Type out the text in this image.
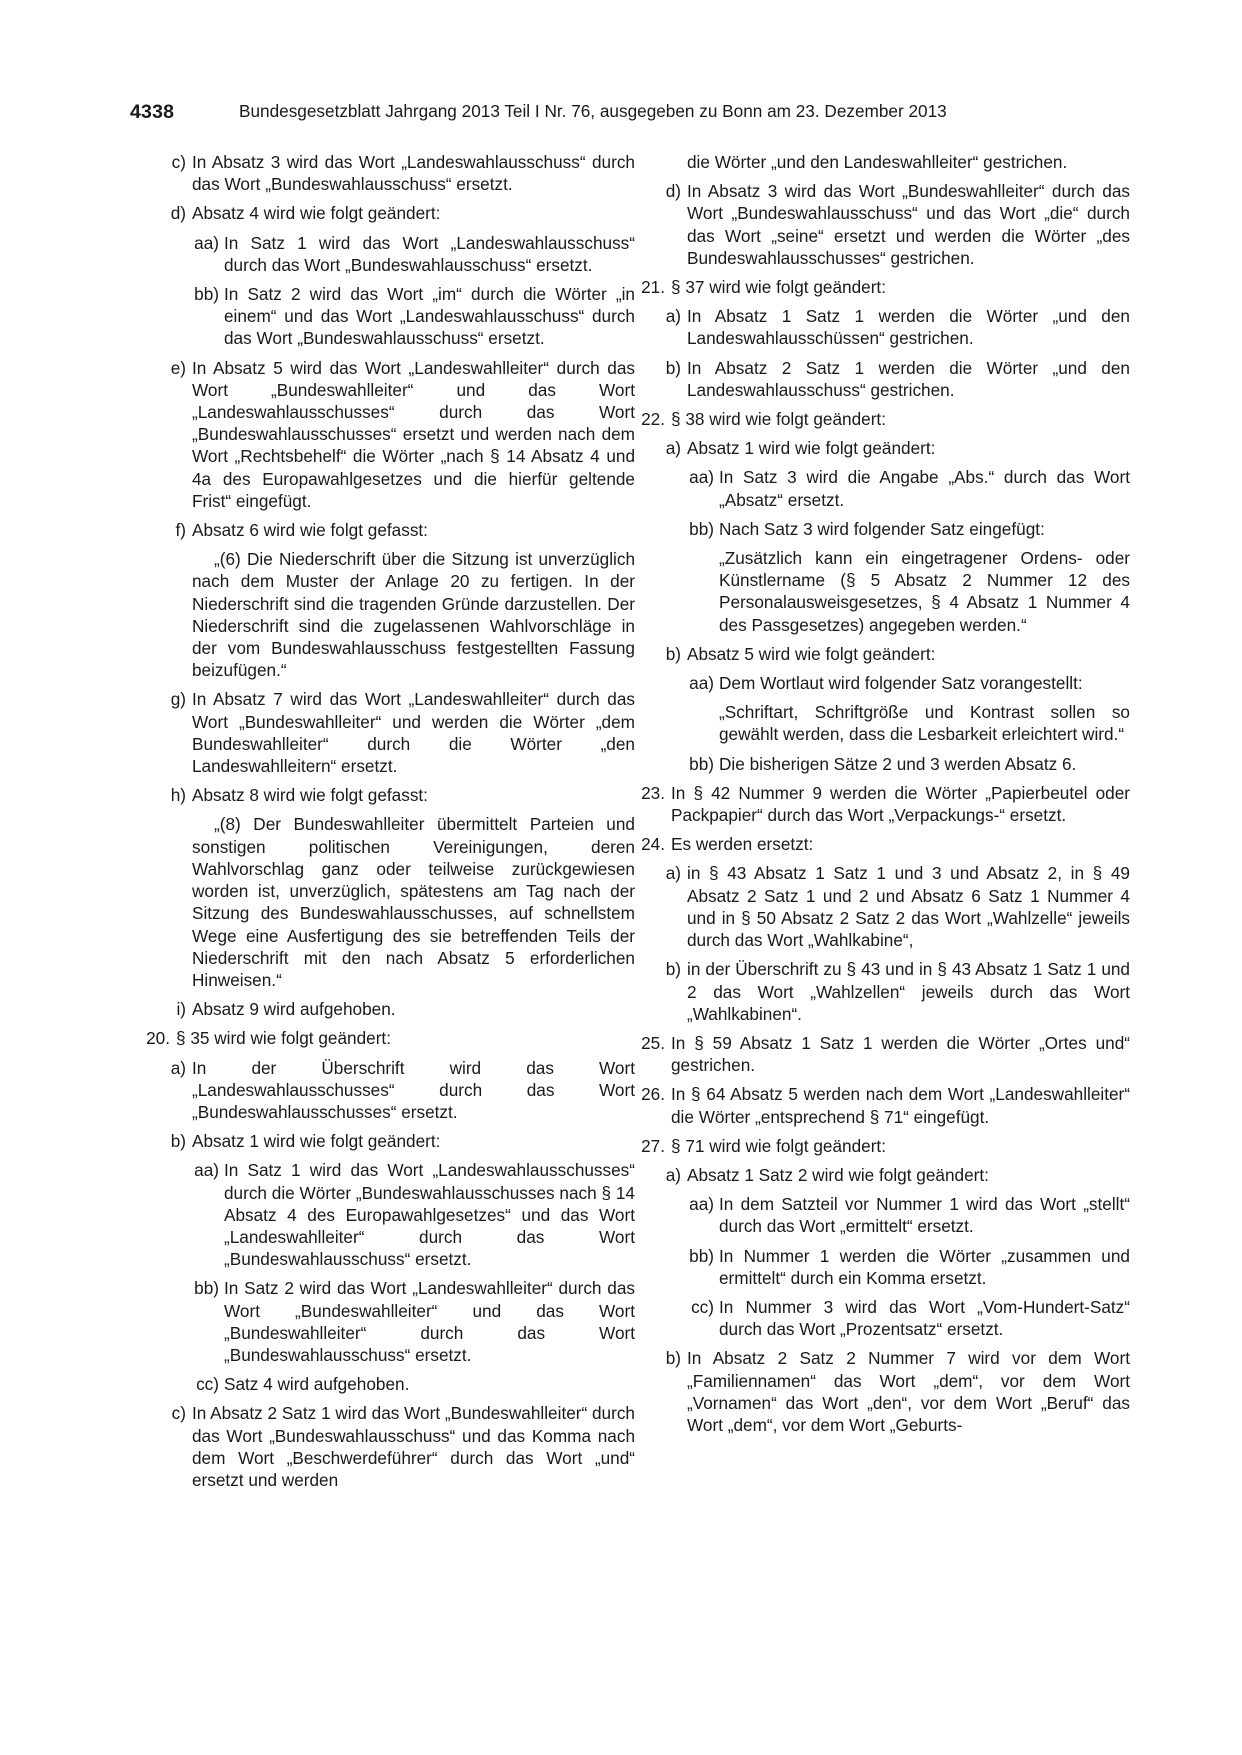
4338	Bundesgesetzblatt Jahrgang 2013 Teil I Nr. 76, ausgegeben zu Bonn am 23. Dezember 2013
c) In Absatz 3 wird das Wort „Landeswahlausschuss“ durch das Wort „Bundeswahlausschuss“ ersetzt.
d) Absatz 4 wird wie folgt geändert:
aa) In Satz 1 wird das Wort „Landeswahlausschuss“ durch das Wort „Bundeswahlausschuss“ ersetzt.
bb) In Satz 2 wird das Wort „im“ durch die Wörter „in einem“ und das Wort „Landeswahlausschuss“ durch das Wort „Bundeswahlausschuss“ ersetzt.
e) In Absatz 5 wird das Wort „Landeswahlleiter“ durch das Wort „Bundeswahlleiter“ und das Wort „Landeswahlausschusses“ durch das Wort „Bundeswahlausschusses“ ersetzt und werden nach dem Wort „Rechtsbehelf“ die Wörter „nach § 14 Absatz 4 und 4a des Europawahlgesetzes und die hierfür geltende Frist“ eingefügt.
f) Absatz 6 wird wie folgt gefasst:
„(6) Die Niederschrift über die Sitzung ist unverzüglich nach dem Muster der Anlage 20 zu fertigen. In der Niederschrift sind die tragenden Gründe darzustellen. Der Niederschrift sind die zugelassenen Wahlvorschläge in der vom Bundeswahlausschuss festgestellten Fassung beizufügen.“
g) In Absatz 7 wird das Wort „Landeswahlleiter“ durch das Wort „Bundeswahlleiter“ und werden die Wörter „dem Bundeswahlleiter“ durch die Wörter „den Landeswahlleitern“ ersetzt.
h) Absatz 8 wird wie folgt gefasst:
„(8) Der Bundeswahlleiter übermittelt Parteien und sonstigen politischen Vereinigungen, deren Wahlvorschlag ganz oder teilweise zurückgewiesen worden ist, unverzüglich, spätestens am Tag nach der Sitzung des Bundeswahlausschusses, auf schnellstem Wege eine Ausfertigung des sie betreffenden Teils der Niederschrift mit den nach Absatz 5 erforderlichen Hinweisen.“
i) Absatz 9 wird aufgehoben.
20. § 35 wird wie folgt geändert:
a) In der Überschrift wird das Wort „Landeswahlausschusses“ durch das Wort „Bundeswahlausschusses“ ersetzt.
b) Absatz 1 wird wie folgt geändert:
aa) In Satz 1 wird das Wort „Landeswahlausschusses“ durch die Wörter „Bundeswahlausschusses nach § 14 Absatz 4 des Europawahlgesetzes“ und das Wort „Landeswahlleiter“ durch das Wort „Bundeswahlausschuss“ ersetzt.
bb) In Satz 2 wird das Wort „Landeswahlleiter“ durch das Wort „Bundeswahlleiter“ und das Wort „Bundeswahlleiter“ durch das Wort „Bundeswahlausschuss“ ersetzt.
cc) Satz 4 wird aufgehoben.
c) In Absatz 2 Satz 1 wird das Wort „Bundeswahlleiter“ durch das Wort „Bundeswahlausschuss“ und das Komma nach dem Wort „Beschwerdeführer“ durch das Wort „und“ ersetzt und werden
die Wörter „und den Landeswahlleiter“ gestrichen.
d) In Absatz 3 wird das Wort „Bundeswahlleiter“ durch das Wort „Bundeswahlausschuss“ und das Wort „die“ durch das Wort „seine“ ersetzt und werden die Wörter „des Bundeswahlausschusses“ gestrichen.
21. § 37 wird wie folgt geändert:
a) In Absatz 1 Satz 1 werden die Wörter „und den Landeswahlausschüssen“ gestrichen.
b) In Absatz 2 Satz 1 werden die Wörter „und den Landeswahlausschuss“ gestrichen.
22. § 38 wird wie folgt geändert:
a) Absatz 1 wird wie folgt geändert:
aa) In Satz 3 wird die Angabe „Abs.“ durch das Wort „Absatz“ ersetzt.
bb) Nach Satz 3 wird folgender Satz eingefügt:
„Zusätzlich kann ein eingetragener Ordens- oder Künstlername (§ 5 Absatz 2 Nummer 12 des Personalausweisgesetzes, § 4 Absatz 1 Nummer 4 des Passgesetzes) angegeben werden.“
b) Absatz 5 wird wie folgt geändert:
aa) Dem Wortlaut wird folgender Satz vorangestellt:
„Schriftart, Schriftgröße und Kontrast sollen so gewählt werden, dass die Lesbarkeit erleichtert wird.“
bb) Die bisherigen Sätze 2 und 3 werden Absatz 6.
23. In § 42 Nummer 9 werden die Wörter „Papierbeutel oder Packpapier“ durch das Wort „Verpackungs-“ ersetzt.
24. Es werden ersetzt:
a) in § 43 Absatz 1 Satz 1 und 3 und Absatz 2, in § 49 Absatz 2 Satz 1 und 2 und Absatz 6 Satz 1 Nummer 4 und in § 50 Absatz 2 Satz 2 das Wort „Wahlzelle“ jeweils durch das Wort „Wahlkabine“,
b) in der Überschrift zu § 43 und in § 43 Absatz 1 Satz 1 und 2 das Wort „Wahlzellen“ jeweils durch das Wort „Wahlkabinen“.
25. In § 59 Absatz 1 Satz 1 werden die Wörter „Ortes und“ gestrichen.
26. In § 64 Absatz 5 werden nach dem Wort „Landeswahlleiter“ die Wörter „entsprechend § 71“ eingefügt.
27. § 71 wird wie folgt geändert:
a) Absatz 1 Satz 2 wird wie folgt geändert:
aa) In dem Satzteil vor Nummer 1 wird das Wort „stellt“ durch das Wort „ermittelt“ ersetzt.
bb) In Nummer 1 werden die Wörter „zusammen und ermittelt“ durch ein Komma ersetzt.
cc) In Nummer 3 wird das Wort „Vom-Hundert-Satz“ durch das Wort „Prozentsatz“ ersetzt.
b) In Absatz 2 Satz 2 Nummer 7 wird vor dem Wort „Familiennamen“ das Wort „dem“, vor dem Wort „Vornamen“ das Wort „den“, vor dem Wort „Beruf“ das Wort „dem“, vor dem Wort „Geburts-
